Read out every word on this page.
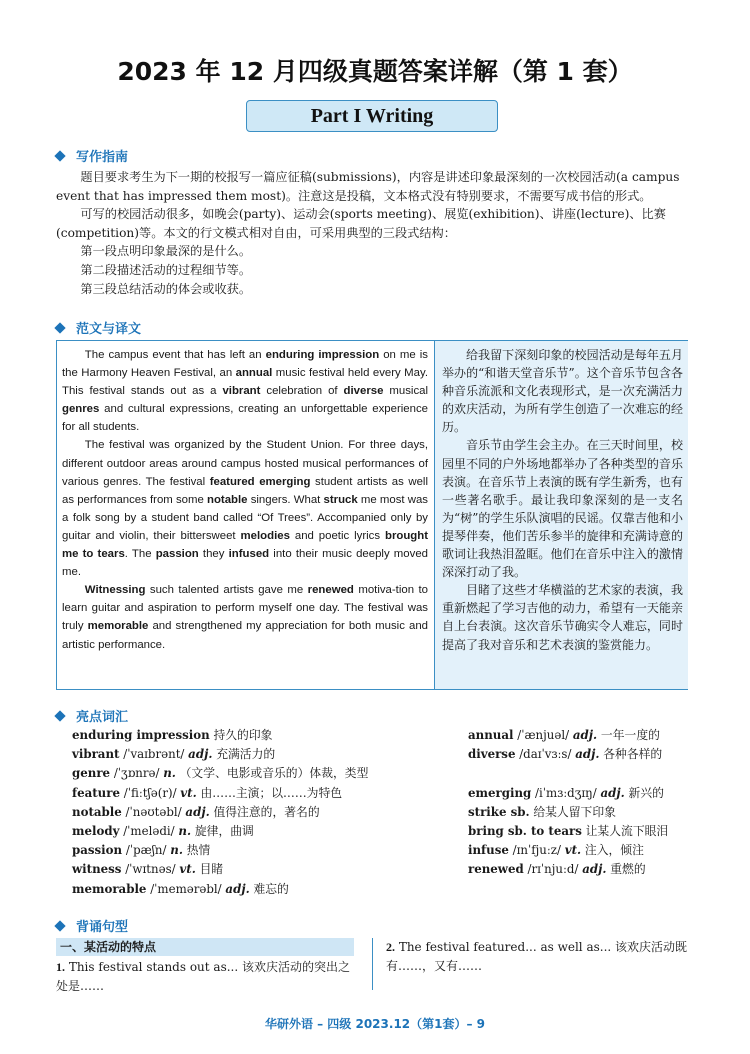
2023 年 12 月四级真题答案详解（第 1 套）
Part I Writing
写作指南

题目要求考生为下一期的校报写一篇应征稿(submissions)，内容是讲述印象最深刻的一次校园活动(a campus event that has impressed them most)。注意这是投稿，文本格式没有特别要求，不需要写成书信的形式。

可写的校园活动很多，如晚会(party)、运动会(sports meeting)、展览(exhibition)、讲座(lecture)、比赛(competition)等。本文的行文模式相对自由，可采用典型的三段式结构：

第一段点明印象最深的是什么。

第二段描述活动的过程细节等。

第三段总结活动的体会或收获。

范文与译文

The campus event that has left an enduring impression on me is the Harmony Heaven Festival, an annual music festival held every May. This festival stands out as a vibrant celebration of diverse musical genres and cultural expressions, creating an unforgettable experience for all students.

The festival was organized by the Student Union. For three days, different outdoor areas around campus hosted musical performances of various genres. The festival featured emerging student artists as well as performances from some notable singers. What struck me most was a folk song by a student band called “Of Trees”. Accompanied only by guitar and violin, their bittersweet melodies and poetic lyrics brought me to tears. The passion they infused into their music deeply moved me.

Witnessing such talented artists gave me renewed motiva-tion to learn guitar and aspiration to perform myself one day. The festival was truly memorable and strengthened my appreciation for both music and artistic performance.

给我留下深刻印象的校园活动是每年五月举办的“和谐天堂音乐节”。这个音乐节包含各种音乐流派和文化表现形式，是一次充满活力的欢庆活动，为所有学生创造了一次难忘的经历。

音乐节由学生会主办。在三天时间里，校园里不同的户外场地都举办了各种类型的音乐表演。在音乐节上表演的既有学生新秀，也有一些著名歌手。最让我印象深刻的是一支名为“树”的学生乐队演唱的民谣。仅靠吉他和小提琴伴奏，他们苦乐参半的旋律和充满诗意的歌词让我热泪盈眶。他们在音乐中注入的激情深深打动了我。

目睹了这些才华横溢的艺术家的表演，我重新燃起了学习吉他的动力，希望有一天能亲自上台表演。这次音乐节确实令人难忘，同时提高了我对音乐和艺术表演的鉴赏能力。

亮点词汇
enduring impression 持久的印象
vibrant /ˈvaɪbrənt/ adj. 充满活力的
genre /ˈʒɒnrə/ n. （文学、电影或音乐的）体裁，类型
feature /ˈfiːtʃə(r)/ vt. 由……主演；以……为特色
notable /ˈnəʊtəbl/ adj. 值得注意的，著名的
melody /ˈmelədi/ n. 旋律，曲调
passion /ˈpæʃn/ n. 热情
witness /ˈwɪtnəs/ vt. 目睹
memorable /ˈmemərəbl/ adj. 难忘的
annual /ˈænjuəl/ adj. 一年一度的
diverse /daɪˈvɜːs/ adj. 各种各样的
emerging /iˈmɜːdʒɪŋ/ adj. 新兴的
strike sb. 给某人留下印象
bring sb. to tears 让某人流下眼泪
infuse /ɪnˈfjuːz/ vt. 注入，倾注
renewed /rɪˈnjuːd/ adj. 重燃的
背诵句型
一、某活动的特点
1. This festival stands out as... 该欢庆活动的突出之处是……
2. The festival featured... as well as... 该欢庆活动既有……，又有……
华研外语 – 四级 2023.12（第1套）– 9
